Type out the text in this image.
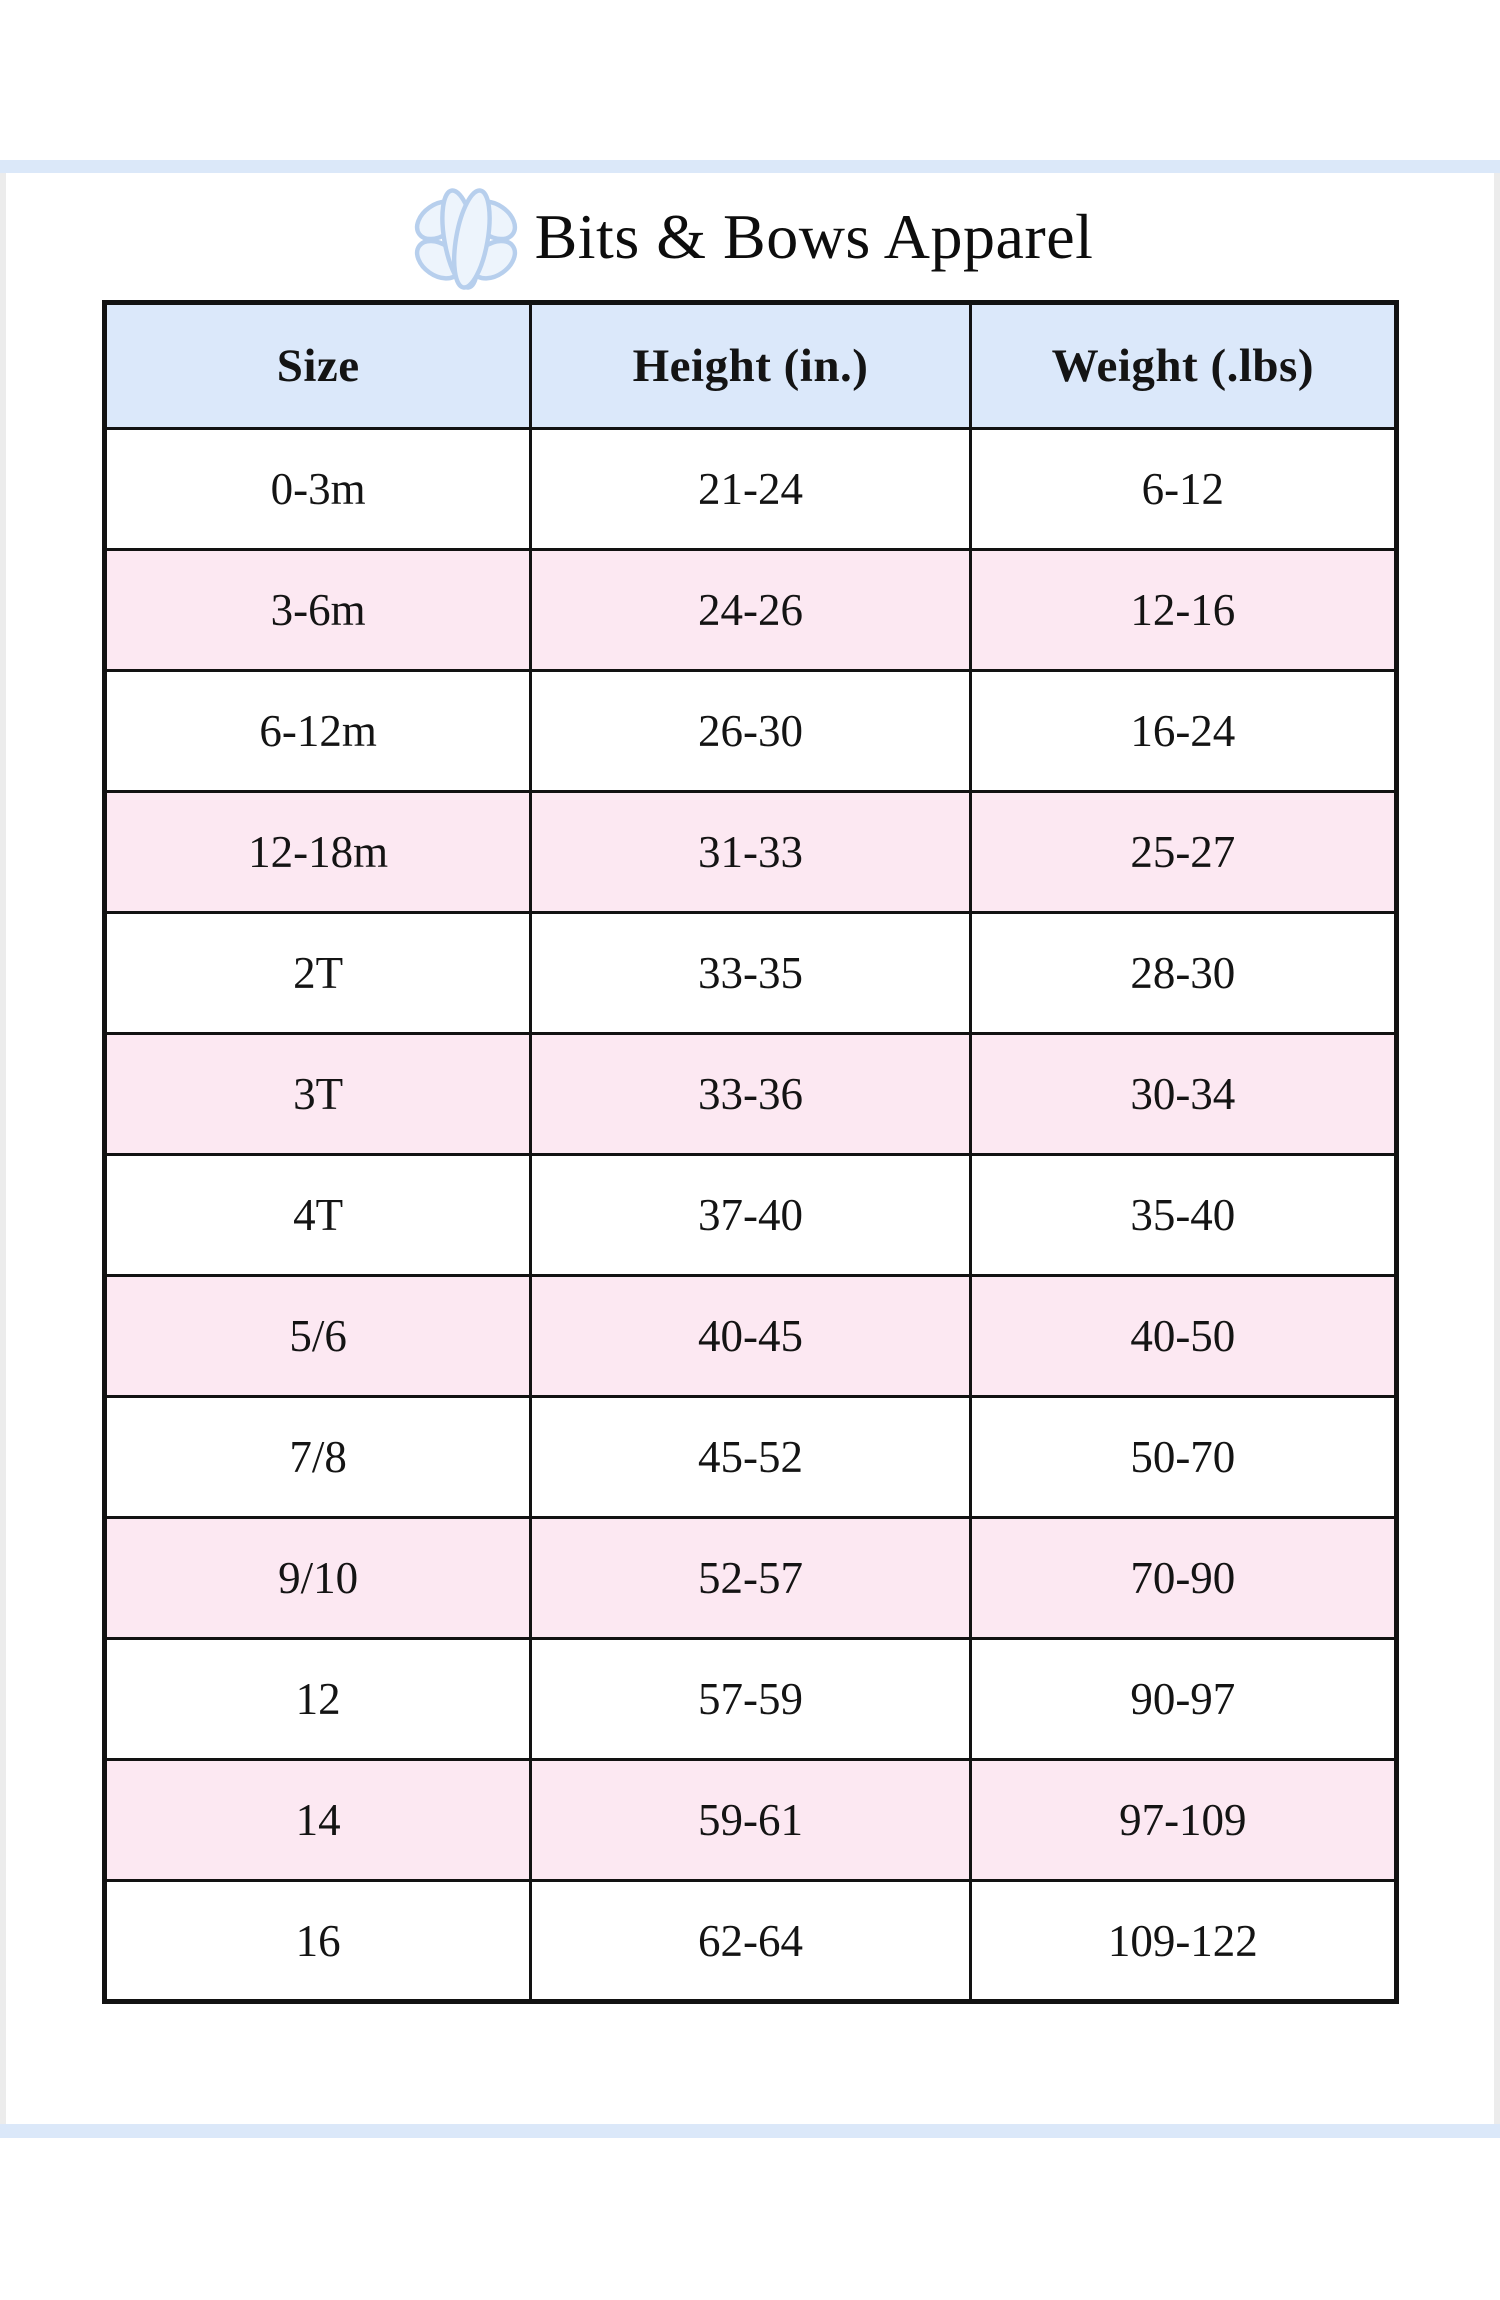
Bits & Bows Apparel
Size	Height (in.)	Weight (.lbs)
0-3m	21-24	6-12
3-6m	24-26	12-16
6-12m	26-30	16-24
12-18m	31-33	25-27
2T	33-35	28-30
3T	33-36	30-34
4T	37-40	35-40
5/6	40-45	40-50
7/8	45-52	50-70
9/10	52-57	70-90
12	57-59	90-97
14	59-61	97-109
16	62-64	109-122
